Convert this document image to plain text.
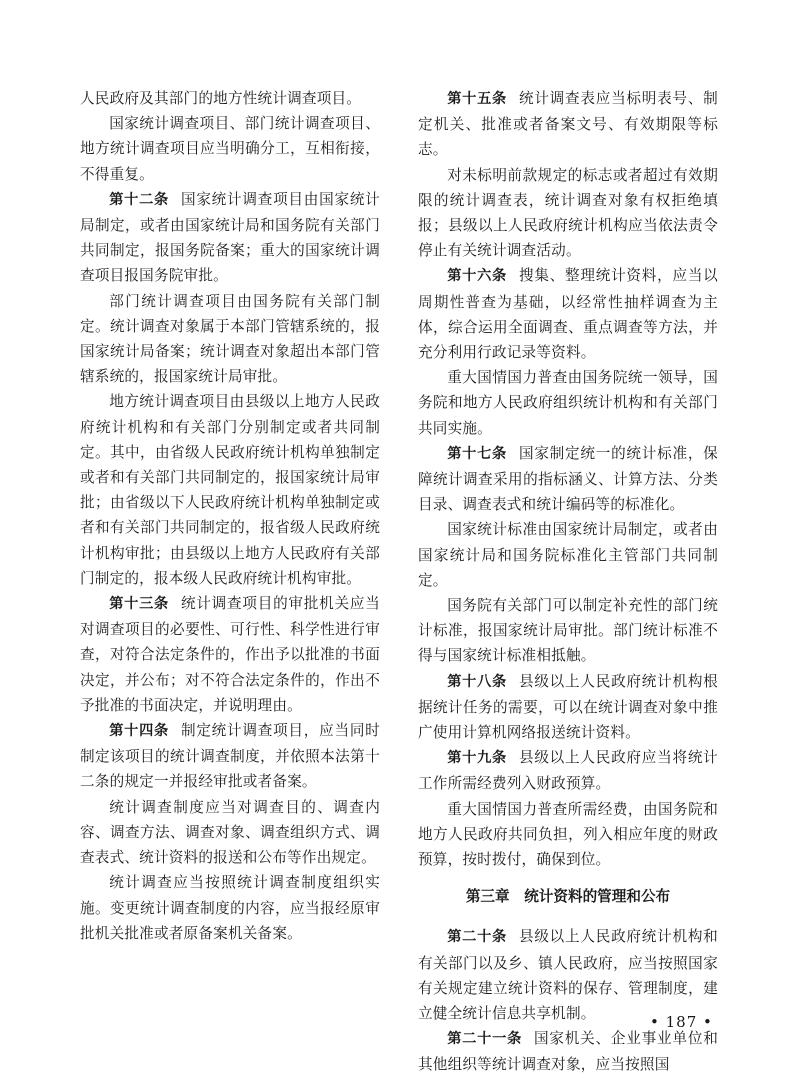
人民政府及其部门的地方性统计调查项目。

国家统计调查项目、部门统计调查项目、地方统计调查项目应当明确分工，互相衔接，不得重复。

第十二条 国家统计调查项目由国家统计局制定，或者由国家统计局和国务院有关部门共同制定，报国务院备案；重大的国家统计调查项目报国务院审批。

部门统计调查项目由国务院有关部门制定。统计调查对象属于本部门管辖系统的，报国家统计局备案；统计调查对象超出本部门管辖系统的，报国家统计局审批。

地方统计调查项目由县级以上地方人民政府统计机构和有关部门分别制定或者共同制定。其中，由省级人民政府统计机构单独制定或者和有关部门共同制定的，报国家统计局审批；由省级以下人民政府统计机构单独制定或者和有关部门共同制定的，报省级人民政府统计机构审批；由县级以上地方人民政府有关部门制定的，报本级人民政府统计机构审批。

第十三条 统计调查项目的审批机关应当对调查项目的必要性、可行性、科学性进行审查，对符合法定条件的，作出予以批准的书面决定，并公布；对不符合法定条件的，作出不予批准的书面决定，并说明理由。

第十四条 制定统计调查项目，应当同时制定该项目的统计调查制度，并依照本法第十二条的规定一并报经审批或者备案。

统计调查制度应当对调查目的、调查内容、调查方法、调查对象、调查组织方式、调查表式、统计资料的报送和公布等作出规定。

统计调查应当按照统计调查制度组织实施。变更统计调查制度的内容，应当报经原审批机关批准或者原备案机关备案。

第十五条 统计调查表应当标明表号、制定机关、批准或者备案文号、有效期限等标志。

对未标明前款规定的标志或者超过有效期限的统计调查表，统计调查对象有权拒绝填报；县级以上人民政府统计机构应当依法责令停止有关统计调查活动。

第十六条 搜集、整理统计资料，应当以周期性普查为基础，以经常性抽样调查为主体，综合运用全面调查、重点调查等方法，并充分利用行政记录等资料。

重大国情国力普查由国务院统一领导，国务院和地方人民政府组织统计机构和有关部门共同实施。

第十七条 国家制定统一的统计标准，保障统计调查采用的指标涵义、计算方法、分类目录、调查表式和统计编码等的标准化。

国家统计标准由国家统计局制定，或者由国家统计局和国务院标准化主管部门共同制定。

国务院有关部门可以制定补充性的部门统计标准，报国家统计局审批。部门统计标准不得与国家统计标准相抵触。

第十八条 县级以上人民政府统计机构根据统计任务的需要，可以在统计调查对象中推广使用计算机网络报送统计资料。

第十九条 县级以上人民政府应当将统计工作所需经费列入财政预算。

重大国情国力普查所需经费，由国务院和地方人民政府共同负担，列入相应年度的财政预算，按时拨付，确保到位。

第三章　统计资料的管理和公布

第二十条 县级以上人民政府统计机构和有关部门以及乡、镇人民政府，应当按照国家有关规定建立统计资料的保存、管理制度，建立健全统计信息共享机制。

第二十一条 国家机关、企业事业单位和其他组织等统计调查对象，应当按照国

• 187 •
